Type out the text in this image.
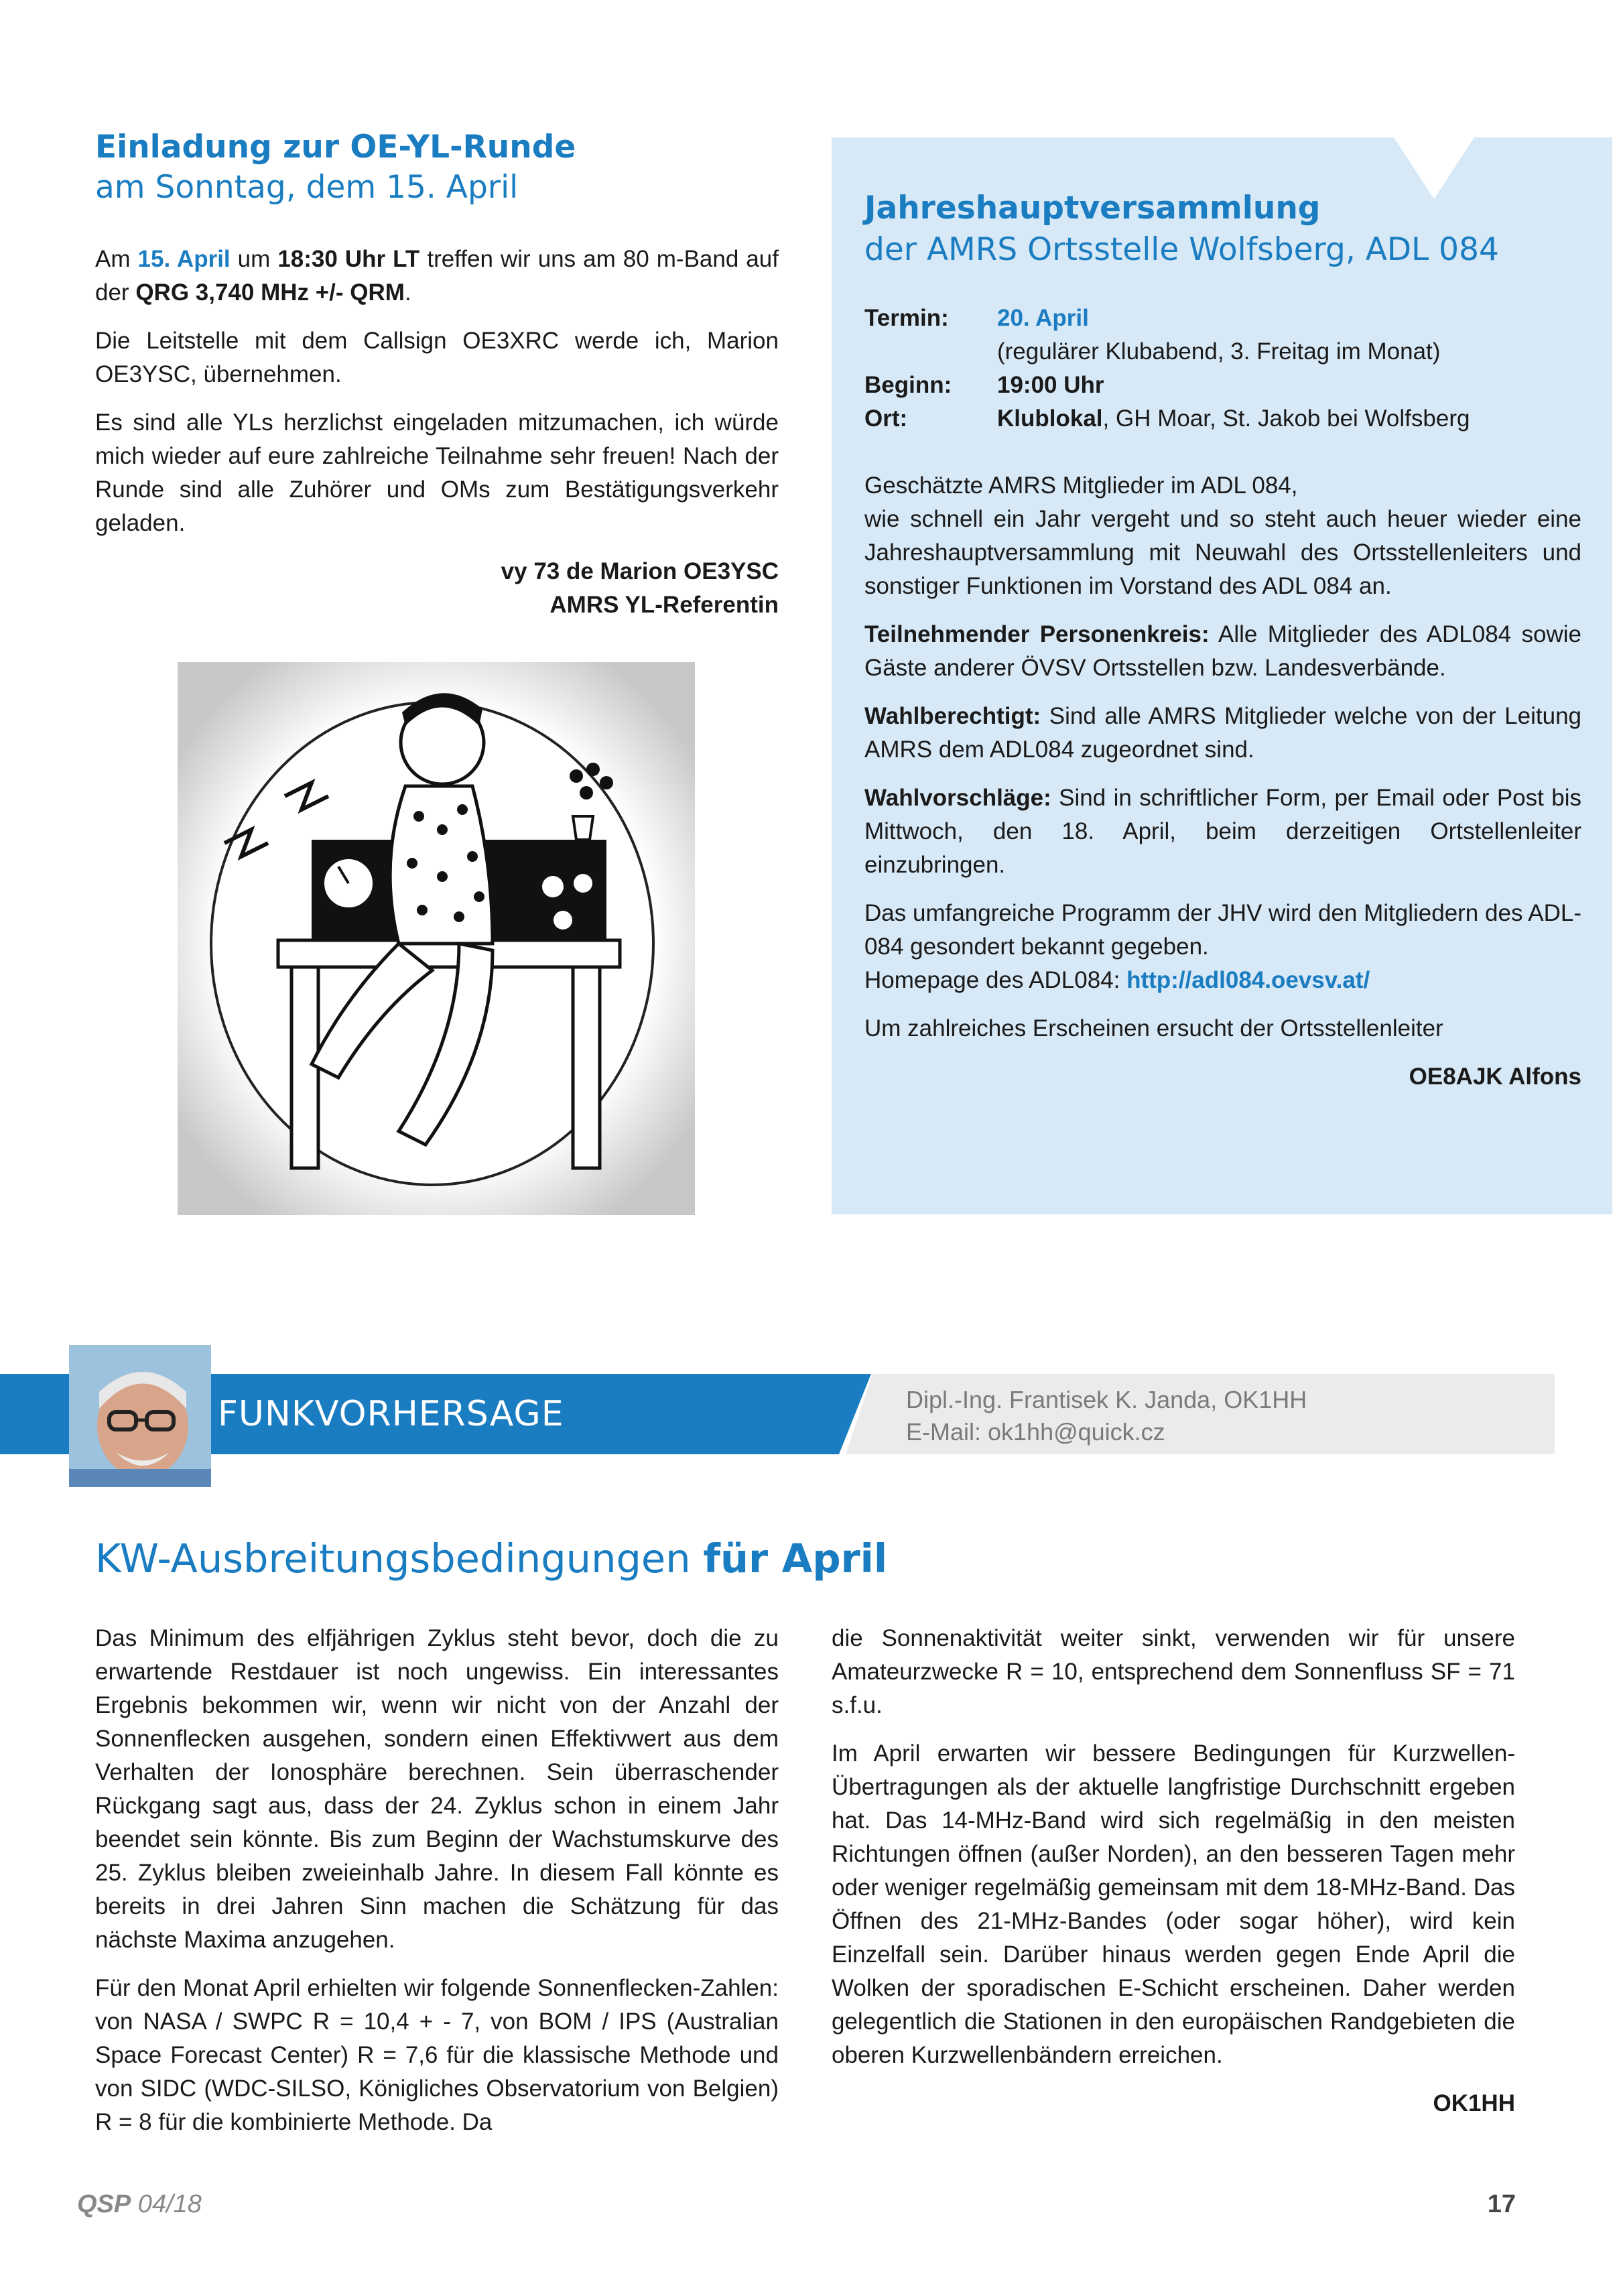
Einladung zur OE-YL-Runde
am Sonntag, dem 15. April

Am 15. April um 18:30 Uhr LT treffen wir uns am 80 m-Band auf der QRG 3,740 MHz +/- QRM.

Die Leitstelle mit dem Callsign OE3XRC werde ich, Marion OE3YSC, übernehmen.

Es sind alle YLs herzlichst eingeladen mitzumachen, ich würde mich wieder auf eure zahlreiche Teilnahme sehr freuen! Nach der Runde sind alle Zuhörer und OMs zum Bestätigungsverkehr geladen.

vy 73 de Marion OE3YSC
AMRS YL-Referentin
Jahreshauptversammlung
der AMRS Ortsstelle Wolfsberg, ADL 084
Termin:	20. April
(regulärer Klubabend, 3. Freitag im Monat)
Beginn:	19:00 Uhr
Ort:	Klublokal, GH Moar, St. Jakob bei Wolfsberg

Geschätzte AMRS Mitglieder im ADL 084,
wie schnell ein Jahr vergeht und so steht auch heuer wieder eine Jahreshauptversammlung mit Neuwahl des Ortsstellenleiters und sonstiger Funktionen im Vorstand des ADL 084 an.

Teilnehmender Personenkreis: Alle Mitglieder des ADL084 sowie Gäste anderer ÖVSV Ortsstellen bzw. Landesverbände.

Wahlberechtigt: Sind alle AMRS Mitglieder welche von der Leitung AMRS dem ADL084 zugeordnet sind.

Wahlvorschläge: Sind in schriftlicher Form, per Email oder Post bis Mittwoch, den 18. April, beim derzeitigen Ortstellenleiter einzubringen.

Das umfangreiche Programm der JHV wird den Mitgliedern des ADL-084 gesondert bekannt gegeben.
Homepage des ADL084: http://adl084.oevsv.at/

Um zahlreiches Erscheinen ersucht der Ortsstellenleiter

OE8AJK Alfons
FUNKVORHERSAGE	Dipl.-Ing. Frantisek K. Janda, OK1HH
E-Mail: ok1hh@quick.cz
KW-Ausbreitungsbedingungen für April

Das Minimum des elfjährigen Zyklus steht bevor, doch die zu erwartende Restdauer ist noch ungewiss. Ein interessantes Ergebnis bekommen wir, wenn wir nicht von der Anzahl der Sonnenflecken ausgehen, sondern einen Effektivwert aus dem Verhalten der Ionosphäre berechnen. Sein überraschender Rückgang sagt aus, dass der 24. Zyklus schon in einem Jahr beendet sein könnte. Bis zum Beginn der Wachstumskurve des 25. Zyklus bleiben zweieinhalb Jahre. In diesem Fall könnte es bereits in drei Jahren Sinn machen die Schätzung für das nächste Maxima anzugehen.

Für den Monat April erhielten wir folgende Sonnenflecken-Zahlen: von NASA / SWPC R = 10,4 + - 7, von BOM / IPS (Australian Space Forecast Center) R = 7,6 für die klassische Methode und von SIDC (WDC-SILSO, Königliches Observatorium von Belgien) R = 8 für die kombinierte Methode. Da

die Sonnenaktivität weiter sinkt, verwenden wir für unsere Amateurzwecke R = 10, entsprechend dem Sonnenfluss SF = 71 s.f.u.

Im April erwarten wir bessere Bedingungen für Kurzwellen-Übertragungen als der aktuelle langfristige Durchschnitt ergeben hat. Das 14-MHz-Band wird sich regelmäßig in den meisten Richtungen öffnen (außer Norden), an den besseren Tagen mehr oder weniger regelmäßig gemeinsam mit dem 18-MHz-Band. Das Öffnen des 21-MHz-Bandes (oder sogar höher), wird kein Einzelfall sein. Darüber hinaus werden gegen Ende April die Wolken der sporadischen E-Schicht erscheinen. Daher werden gelegentlich die Stationen in den europäischen Randgebieten die oberen Kurzwellenbändern erreichen.

OK1HH
QSP 04/18	17
